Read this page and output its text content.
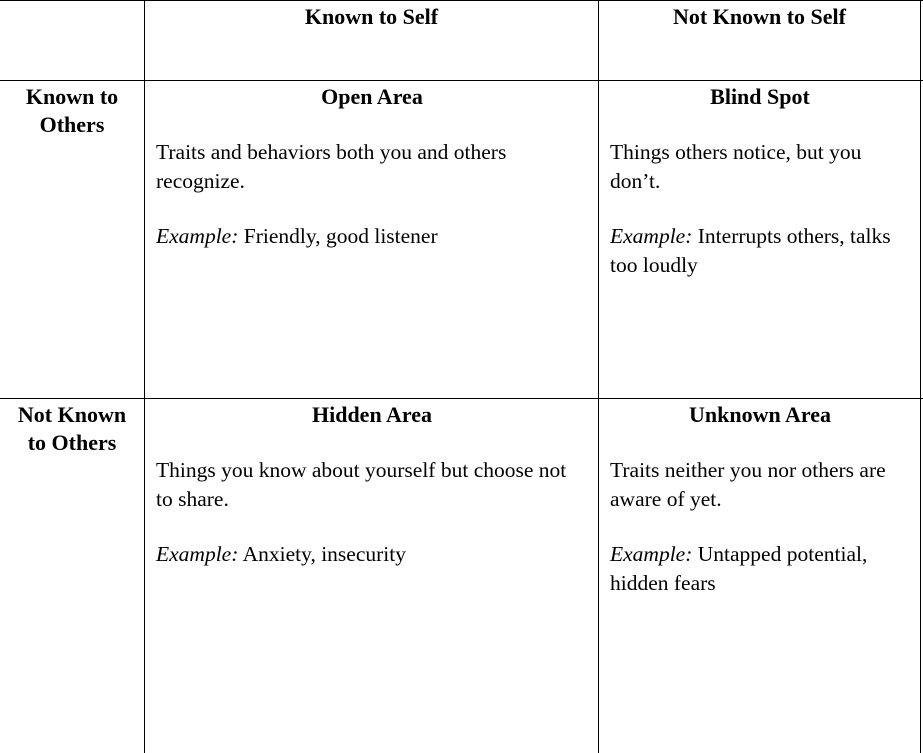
Known to Self	Not Known to Self
Known to Others
Not Known to Others
Open Area

Traits and behaviors both you and others recognize.

Example: Friendly, good listener

Blind Spot

Things others notice, but you don’t.

Example: Interrupts others, talks too loudly

Hidden Area

Things you know about yourself but choose not to share.

Example: Anxiety, insecurity

Unknown Area

Traits neither you nor others are aware of yet.

Example: Untapped potential, hidden fears
